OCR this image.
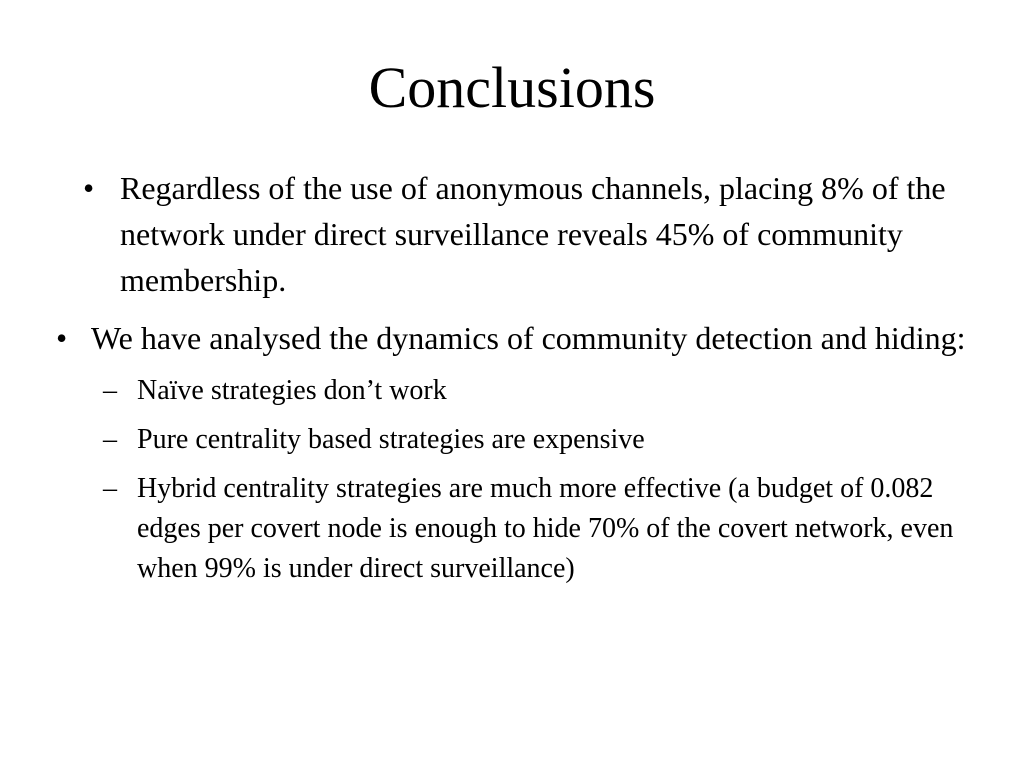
Conclusions
• Regardless of the use of anonymous channels, placing 8% of the network under direct surveillance reveals 45% of community membership.
• We have analysed the dynamics of community detection and hiding:
– Naïve strategies don’t work
– Pure centrality based strategies are expensive
– Hybrid centrality strategies are much more effective (a budget of 0.082 edges per covert node is enough to hide 70% of the covert network, even when 99% is under direct surveillance)
